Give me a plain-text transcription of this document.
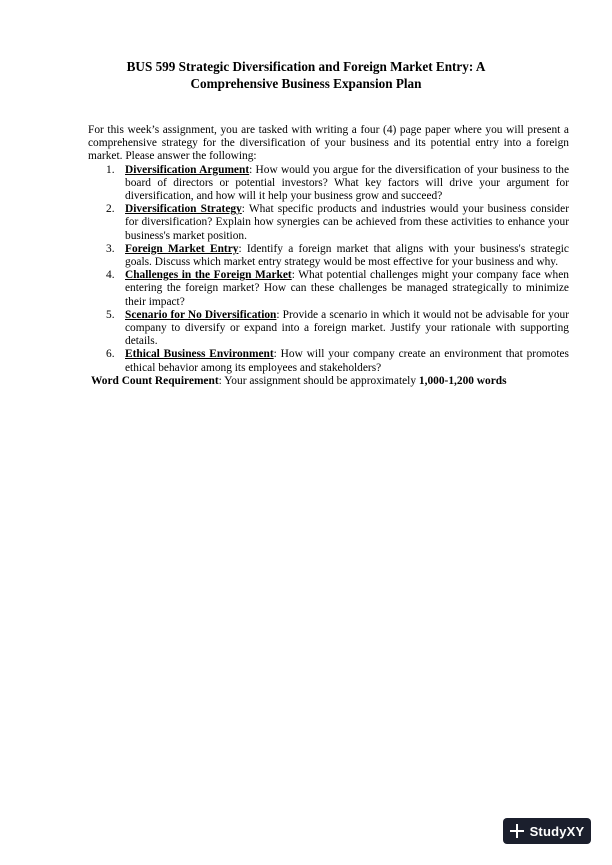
BUS 599 Strategic Diversification and Foreign Market Entry: A
Comprehensive Business Expansion Plan

For this week’s assignment, you are tasked with writing a four (4) page paper where you will present a comprehensive strategy for the diversification of your business and its potential entry into a foreign market. Please answer the following:

1. Diversification Argument: How would you argue for the diversification of your business to the board of directors or potential investors? What key factors will drive your argument for diversification, and how will it help your business grow and succeed?
2. Diversification Strategy: What specific products and industries would your business consider for diversification? Explain how synergies can be achieved from these activities to enhance your business's market position.
3. Foreign Market Entry: Identify a foreign market that aligns with your business's strategic goals. Discuss which market entry strategy would be most effective for your business and why.
4. Challenges in the Foreign Market: What potential challenges might your company face when entering the foreign market? How can these challenges be managed strategically to minimize their impact?
5. Scenario for No Diversification: Provide a scenario in which it would not be advisable for your company to diversify or expand into a foreign market. Justify your rationale with supporting details.
6. Ethical Business Environment: How will your company create an environment that promotes ethical behavior among its employees and stakeholders?
Word Count Requirement: Your assignment should be approximately 1,000-1,200 words
StudyXY
